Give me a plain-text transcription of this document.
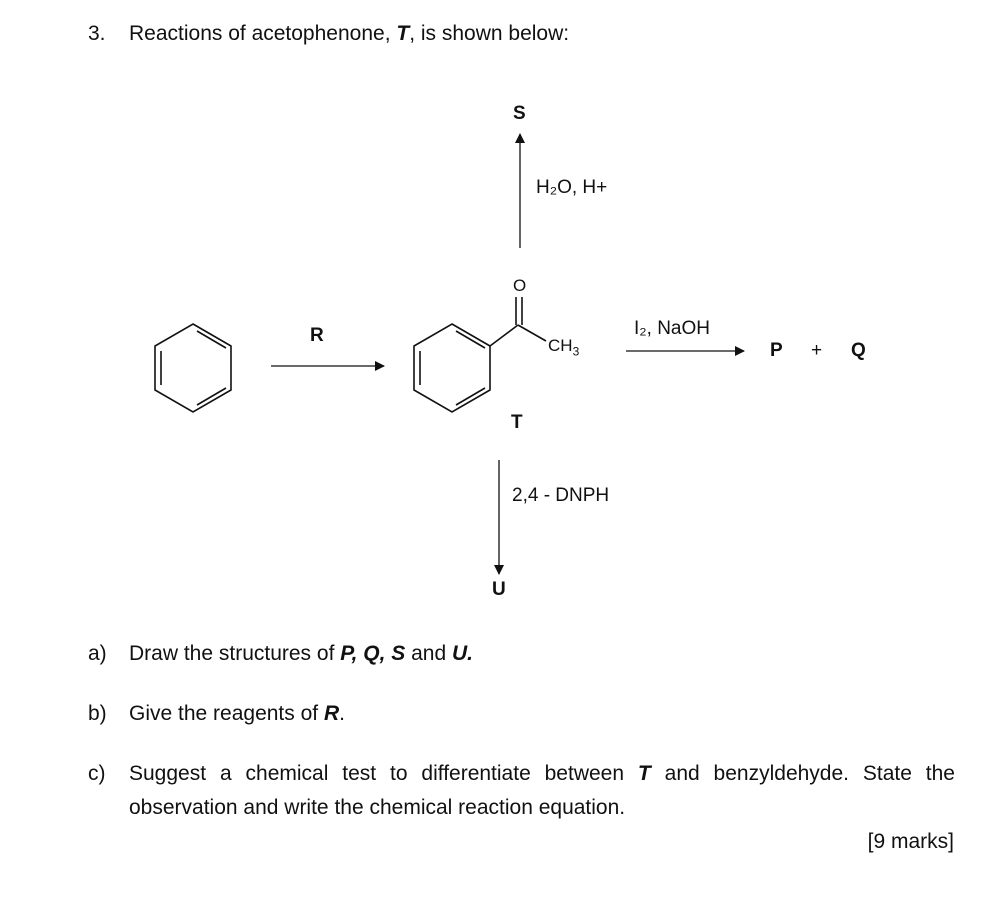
3. Reactions of acetophenone, T, is shown below:
S
H₂O, H+
R
O
$CH_3$
I₂, NaOH
P + Q
T
2,4 - DNPH
U
a) Draw the structures of P, Q, S and U.
b) Give the reagents of R.
c) Suggest a chemical test to differentiate between T and benzyldehyde. State the
observation and write the chemical reaction equation.
[9 marks]
